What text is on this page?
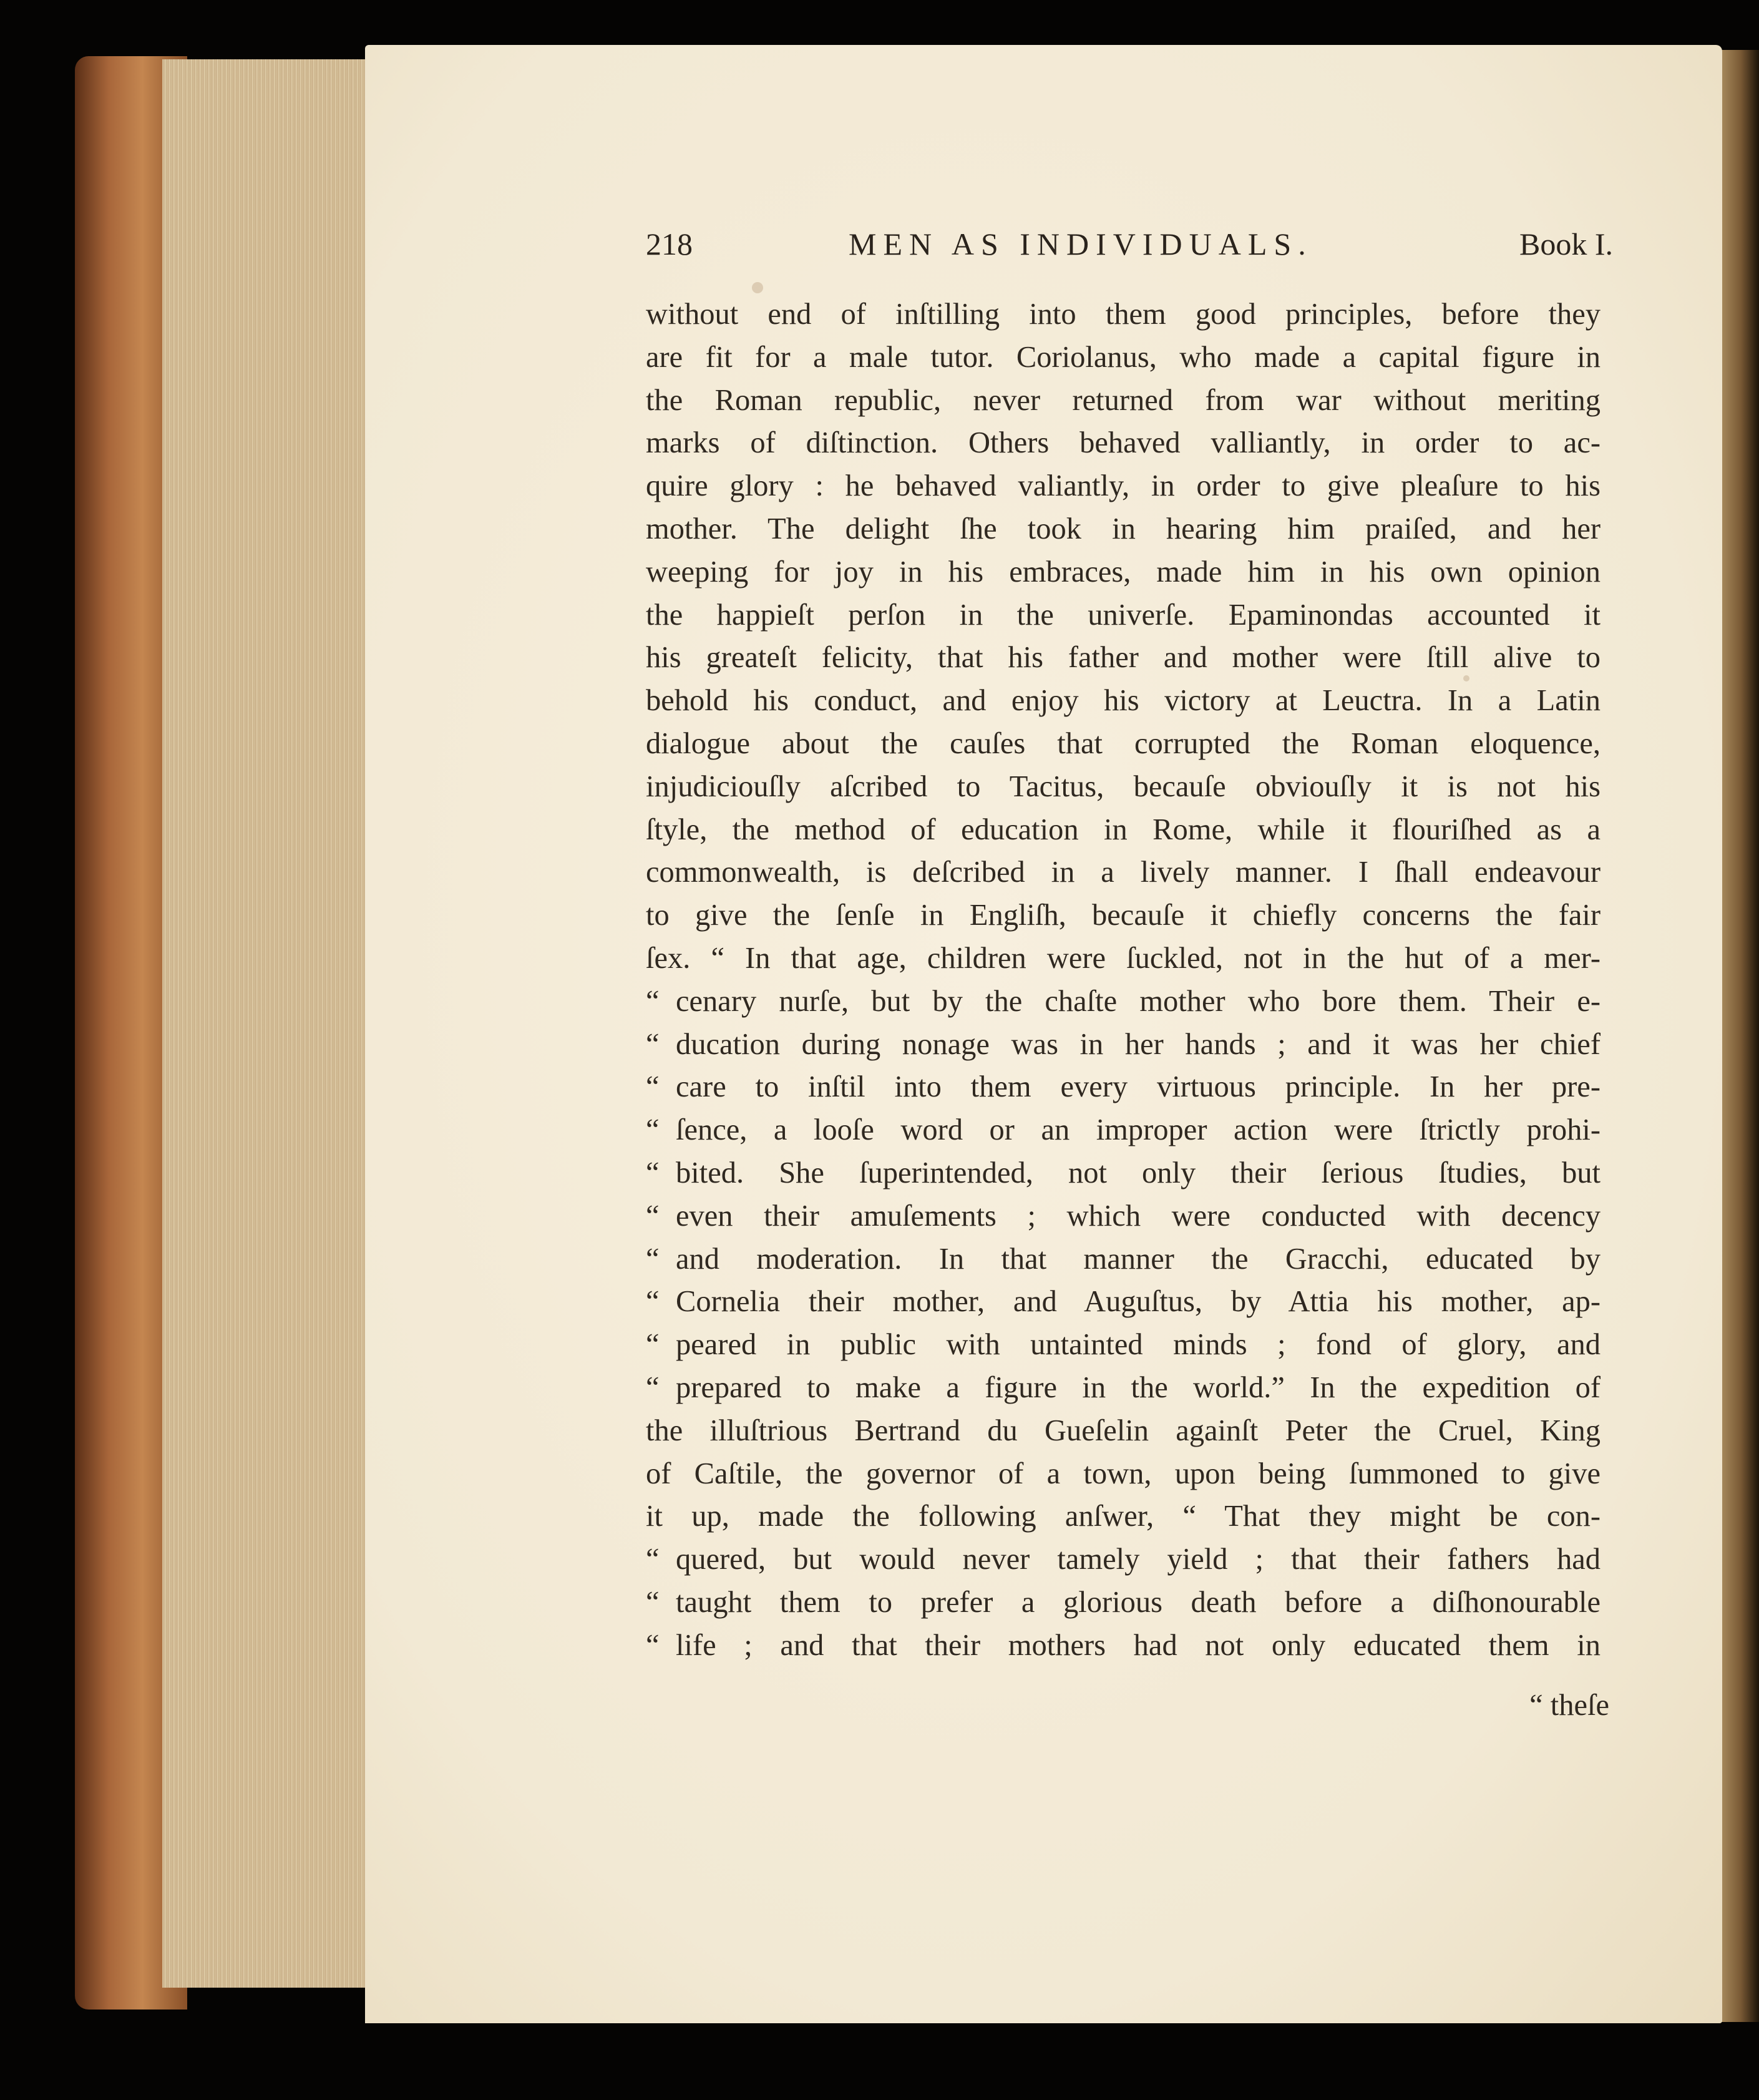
218	MEN AS INDIVIDUALS.	Book I.
without end of inſtilling into them good principles, before they
are fit for a male tutor. Coriolanus, who made a capital figure in
the Roman republic, never returned from war without meriting
marks of diſtinction. Others behaved valliantly, in order to ac-
quire glory : he behaved valiantly, in order to give pleaſure to his
mother. The delight ſhe took in hearing him praiſed, and her
weeping for joy in his embraces, made him in his own opinion
the happieſt perſon in the univerſe. Epaminondas accounted it
his greateſt felicity, that his father and mother were ſtill alive to
behold his conduct, and enjoy his victory at Leuctra. In a Latin
dialogue about the cauſes that corrupted the Roman eloquence,
injudiciouſly aſcribed to Tacitus, becauſe obviouſly it is not his
ſtyle, the method of education in Rome, while it flouriſhed as a
commonwealth, is deſcribed in a lively manner. I ſhall endeavour
to give the ſenſe in Engliſh, becauſe it chiefly concerns the fair
ſex. “ In that age, children were ſuckled, not in the hut of a mer-
“ cenary nurſe, but by the chaſte mother who bore them. Their e-
“ ducation during nonage was in her hands ; and it was her chief
“ care to inſtil into them every virtuous principle. In her pre-
“ ſence, a looſe word or an improper action were ſtrictly prohi-
“ bited. She ſuperintended, not only their ſerious ſtudies, but
“ even their amuſements ; which were conducted with decency
“ and moderation. In that manner the Gracchi, educated by
“ Cornelia their mother, and Auguſtus, by Attia his mother, ap-
“ peared in public with untainted minds ; fond of glory, and
“ prepared to make a figure in the world.” In the expedition of
the illuſtrious Bertrand du Gueſelin againſt Peter the Cruel, King
of Caſtile, the governor of a town, upon being ſummoned to give
it up, made the following anſwer, “ That they might be con-
“ quered, but would never tamely yield ; that their fathers had
“ taught them to prefer a glorious death before a diſhonourable
“ life ; and that their mothers had not only educated them in
“ theſe
